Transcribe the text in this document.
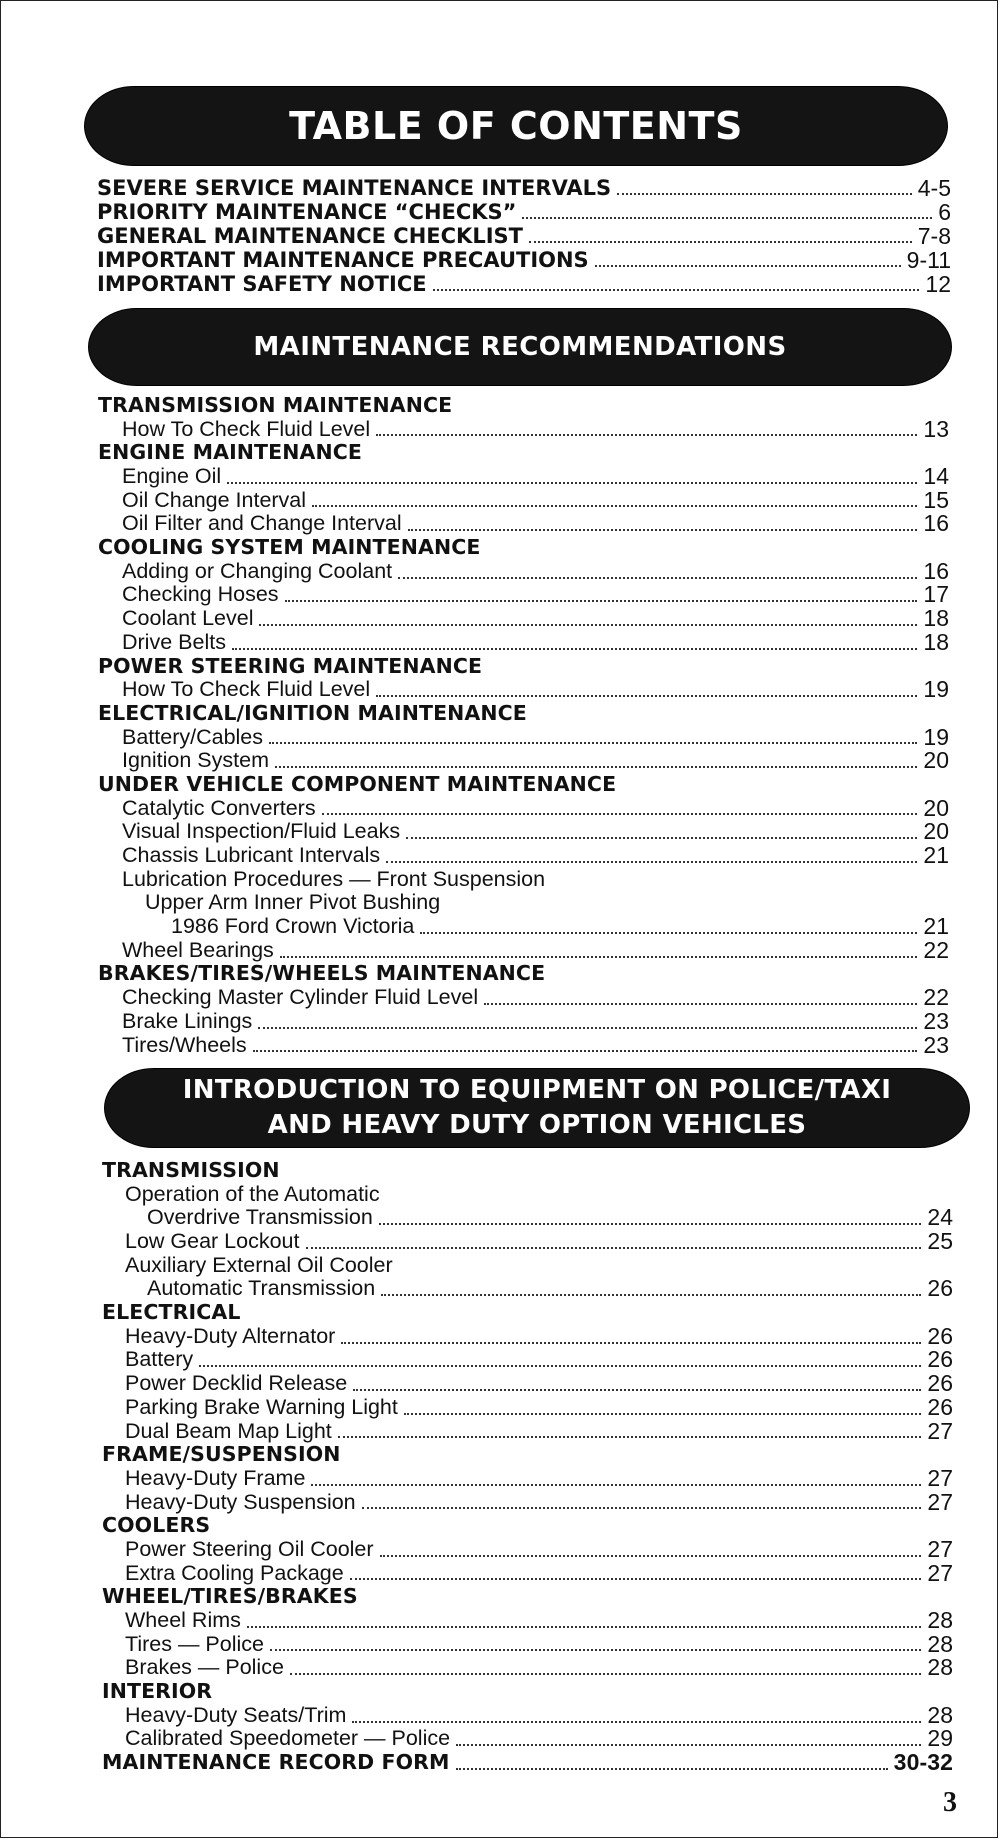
TABLE OF CONTENTS
SEVERE SERVICE MAINTENANCE INTERVALS	4-5
PRIORITY MAINTENANCE “CHECKS”	6
GENERAL MAINTENANCE CHECKLIST	7-8
IMPORTANT MAINTENANCE PRECAUTIONS	9-11
IMPORTANT SAFETY NOTICE	12
MAINTENANCE RECOMMENDATIONS
TRANSMISSION MAINTENANCE
How To Check Fluid Level	13
ENGINE MAINTENANCE
Engine Oil	14
Oil Change Interval	15
Oil Filter and Change Interval	16
COOLING SYSTEM MAINTENANCE
Adding or Changing Coolant	16
Checking Hoses	17
Coolant Level	18
Drive Belts	18
POWER STEERING MAINTENANCE
How To Check Fluid Level	19
ELECTRICAL/IGNITION MAINTENANCE
Battery/Cables	19
Ignition System	20
UNDER VEHICLE COMPONENT MAINTENANCE
Catalytic Converters	20
Visual Inspection/Fluid Leaks	20
Chassis Lubricant Intervals	21
Lubrication Procedures — Front Suspension
Upper Arm Inner Pivot Bushing
1986 Ford Crown Victoria	21
Wheel Bearings	22
BRAKES/TIRES/WHEELS MAINTENANCE
Checking Master Cylinder Fluid Level	22
Brake Linings	23
Tires/Wheels	23
INTRODUCTION TO EQUIPMENT ON POLICE/TAXI
AND HEAVY DUTY OPTION VEHICLES
TRANSMISSION
Operation of the Automatic
Overdrive Transmission	24
Low Gear Lockout	25
Auxiliary External Oil Cooler
Automatic Transmission	26
ELECTRICAL
Heavy-Duty Alternator	26
Battery	26
Power Decklid Release	26
Parking Brake Warning Light	26
Dual Beam Map Light	27
FRAME/SUSPENSION
Heavy-Duty Frame	27
Heavy-Duty Suspension	27
COOLERS
Power Steering Oil Cooler	27
Extra Cooling Package	27
WHEEL/TIRES/BRAKES
Wheel Rims	28
Tires — Police	28
Brakes — Police	28
INTERIOR
Heavy-Duty Seats/Trim	28
Calibrated Speedometer — Police	29
MAINTENANCE RECORD FORM	30-32
3
